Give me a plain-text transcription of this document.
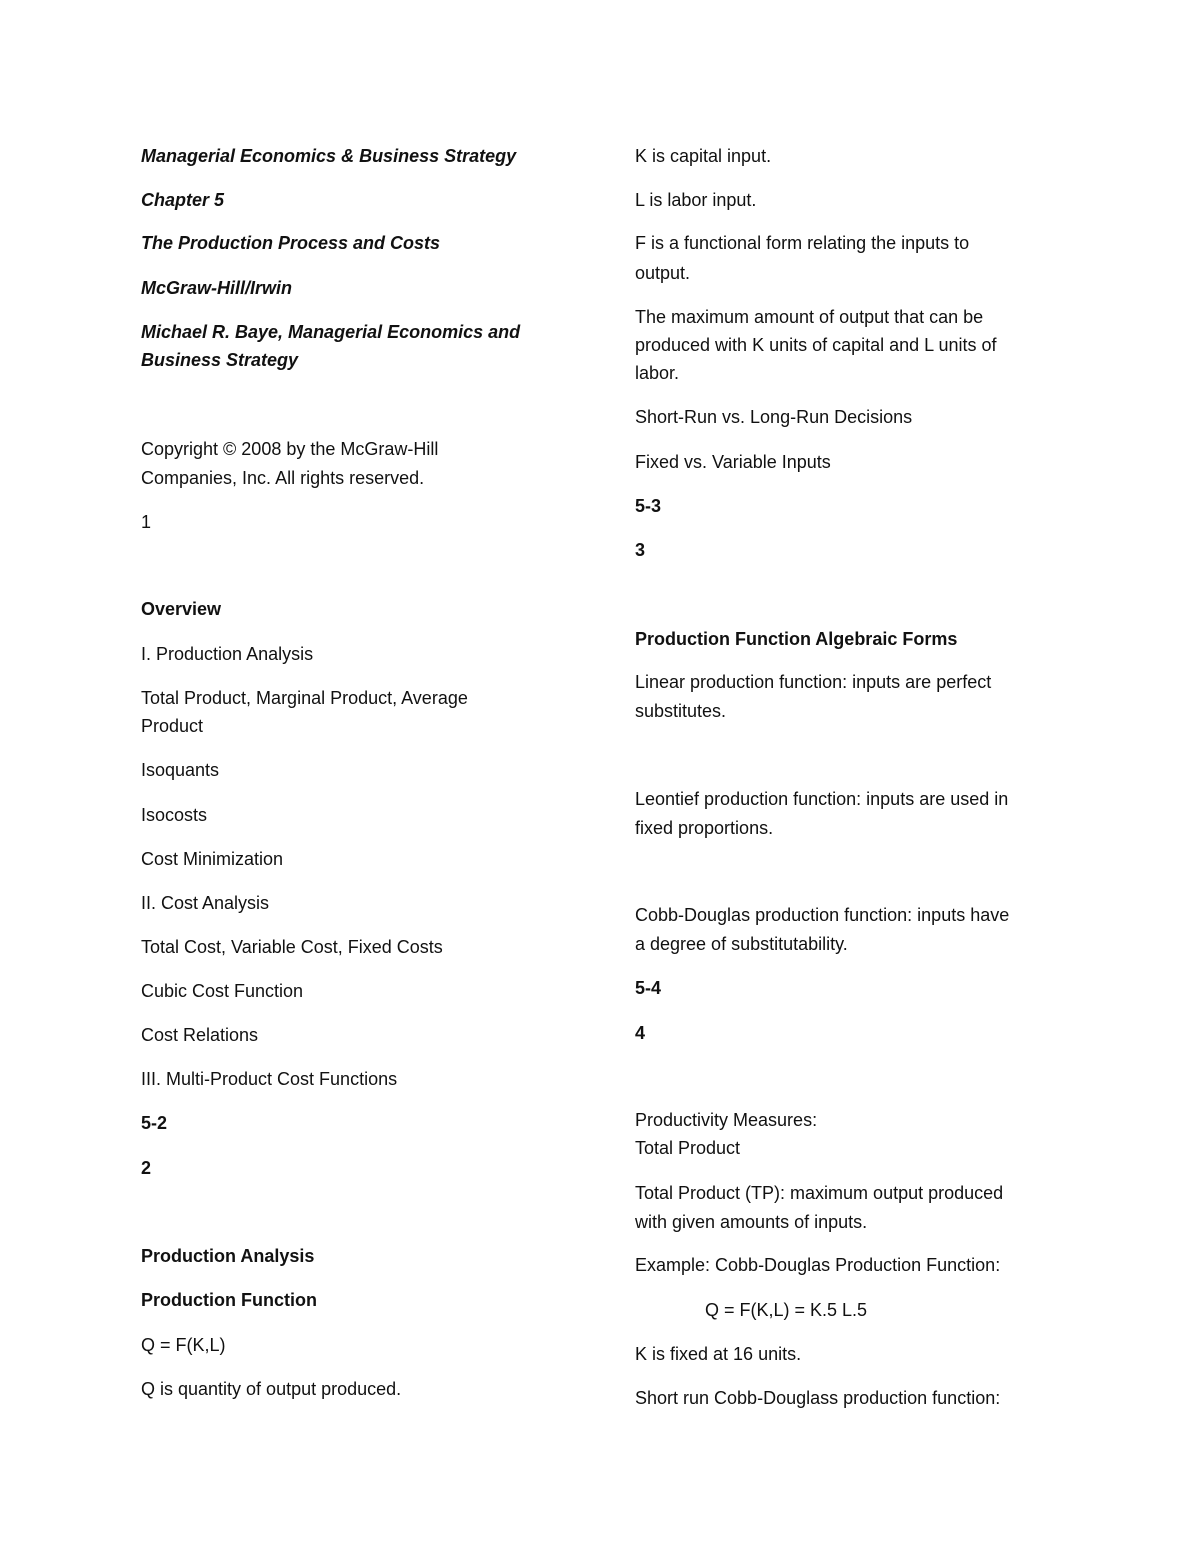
Managerial Economics & Business Strategy

Chapter 5

The Production Process and Costs

McGraw-Hill/Irwin

Michael R. Baye, Managerial Economics and

Business Strategy

Copyright © 2008 by the McGraw-Hill

Companies, Inc. All rights reserved.

1

Overview

I. Production Analysis

Total Product, Marginal Product, Average

Product

Isoquants

Isocosts

Cost Minimization

II. Cost Analysis

Total Cost, Variable Cost, Fixed Costs

Cubic Cost Function

Cost Relations

III. Multi-Product Cost Functions

5-2

2

Production Analysis

Production Function

Q = F(K,L)

Q is quantity of output produced.

K is capital input.

L is labor input.

F is a functional form relating the inputs to

output.

The maximum amount of output that can be

produced with K units of capital and L units of

labor.

Short-Run vs. Long-Run Decisions

Fixed vs. Variable Inputs

5-3

3

Production Function Algebraic Forms

Linear production function: inputs are perfect

substitutes.

Leontief production function: inputs are used in

fixed proportions.

Cobb-Douglas production function: inputs have

a degree of substitutability.

5-4

4

Productivity Measures:

Total Product

Total Product (TP): maximum output produced

with given amounts of inputs.

Example: Cobb-Douglas Production Function:

Q = F(K,L) = K.5 L.5

K is fixed at 16 units.

Short run Cobb-Douglass production function:
